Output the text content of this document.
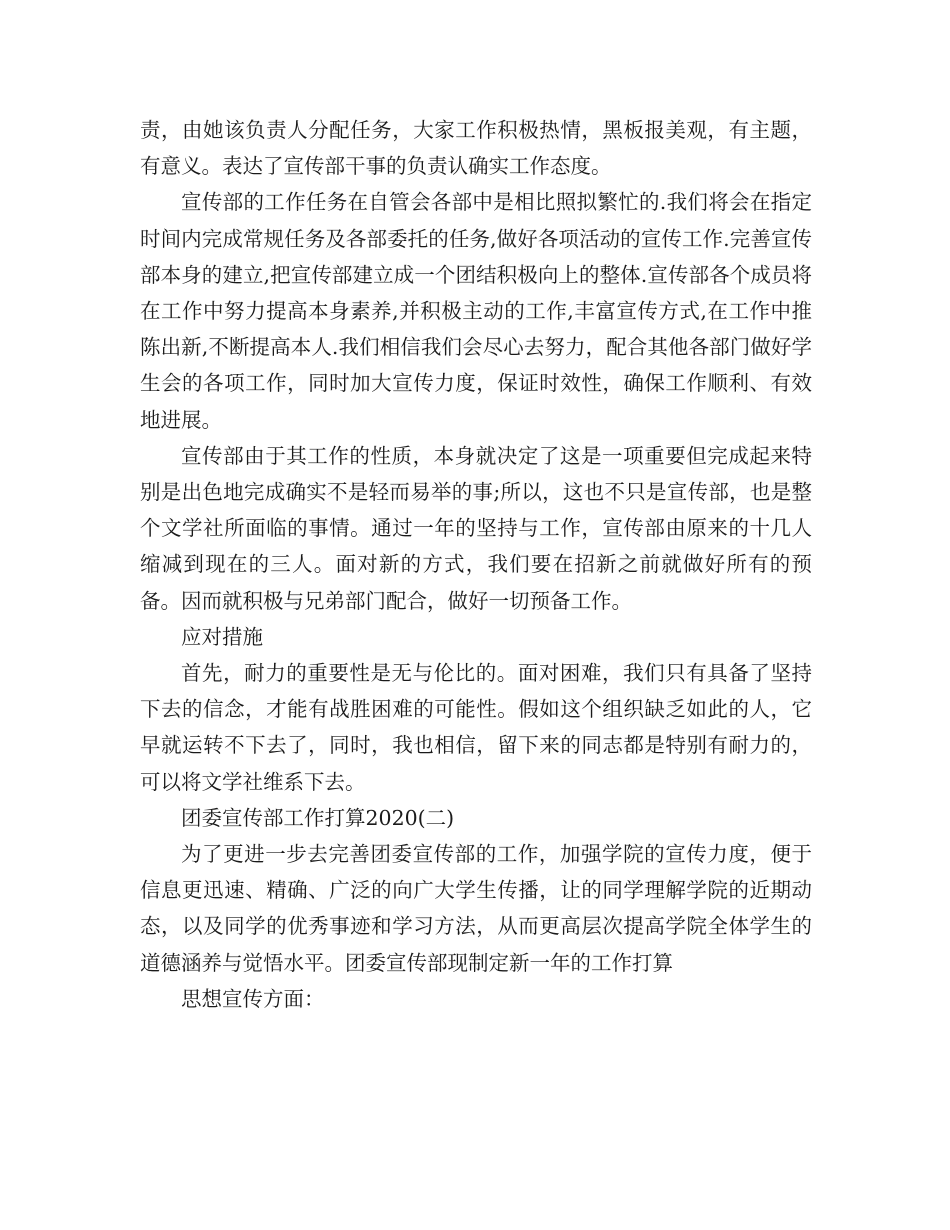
责，由她该负责人分配任务，大家工作积极热情，黑板报美观，有主题，有意义。表达了宣传部干事的负责认确实工作态度。

宣传部的工作任务在自管会各部中是相比照拟繁忙的.我们将会在指定时间内完成常规任务及各部委托的任务,做好各项活动的宣传工作.完善宣传部本身的建立,把宣传部建立成一个团结积极向上的整体.宣传部各个成员将在工作中努力提高本身素养,并积极主动的工作,丰富宣传方式,在工作中推陈出新,不断提高本人.我们相信我们会尽心去努力，配合其他各部门做好学生会的各项工作，同时加大宣传力度，保证时效性，确保工作顺利、有效地进展。

宣传部由于其工作的性质，本身就决定了这是一项重要但完成起来特别是出色地完成确实不是轻而易举的事;所以，这也不只是宣传部，也是整个文学社所面临的事情。通过一年的坚持与工作，宣传部由原来的十几人缩减到现在的三人。面对新的方式，我们要在招新之前就做好所有的预备。因而就积极与兄弟部门配合，做好一切预备工作。

应对措施

首先，耐力的重要性是无与伦比的。面对困难，我们只有具备了坚持下去的信念，才能有战胜困难的可能性。假如这个组织缺乏如此的人，它早就运转不下去了，同时，我也相信，留下来的同志都是特别有耐力的，可以将文学社维系下去。

团委宣传部工作打算2020(二)

为了更进一步去完善团委宣传部的工作，加强学院的宣传力度，便于信息更迅速、精确、广泛的向广大学生传播，让的同学理解学院的近期动态，以及同学的优秀事迹和学习方法，从而更高层次提高学院全体学生的道德涵养与觉悟水平。团委宣传部现制定新一年的工作打算

思想宣传方面：
